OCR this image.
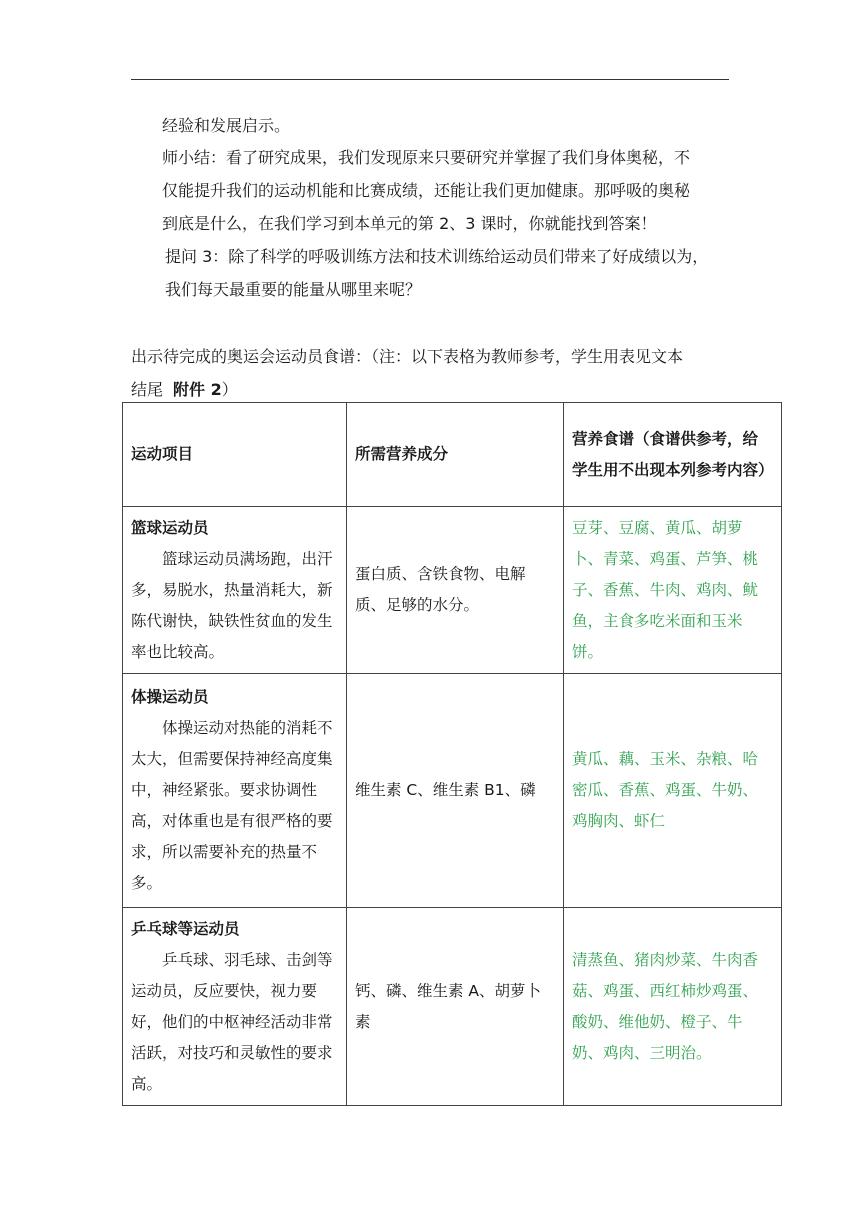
经验和发展启示。
师小结：看了研究成果，我们发现原来只要研究并掌握了我们身体奥秘，不
仅能提升我们的运动机能和比赛成绩，还能让我们更加健康。那呼吸的奥秘
到底是什么，在我们学习到本单元的第 2、3 课时，你就能找到答案！
提问 3：除了科学的呼吸训练方法和技术训练给运动员们带来了好成绩以为，
我们每天最重要的能量从哪里来呢？
出示待完成的奥运会运动员食谱：（注：以下表格为教师参考，学生用表见文本
结尾 附件 2）
运动项目	所需营养成分	营养食谱（食谱供参考，给学生用不出现本列参考内容）

篮球运动员
篮球运动员满场跑，出汗多，易脱水，热量消耗大，新陈代谢快，缺铁性贫血的发生率也比较高。	蛋白质、含铁食物、电解质、足够的水分。	豆芽、豆腐、黄瓜、胡萝卜、青菜、鸡蛋、芦笋、桃子、香蕉、牛肉、鸡肉、鱿鱼，主食多吃米面和玉米饼。

体操运动员
体操运动对热能的消耗不太大，但需要保持神经高度集中，神经紧张。要求协调性高，对体重也是有很严格的要求，所以需要补充的热量不多。	维生素 C、维生素 B1、磷	黄瓜、藕、玉米、杂粮、哈密瓜、香蕉、鸡蛋、牛奶、鸡胸肉、虾仁

乒乓球等运动员
乒乓球、羽毛球、击剑等运动员，反应要快，视力要好，他们的中枢神经活动非常活跃，对技巧和灵敏性的要求高。	钙、磷、维生素 A、胡萝卜素	清蒸鱼、猪肉炒菜、牛肉香菇、鸡蛋、西红柿炒鸡蛋、酸奶、维他奶、橙子、牛奶、鸡肉、三明治。
